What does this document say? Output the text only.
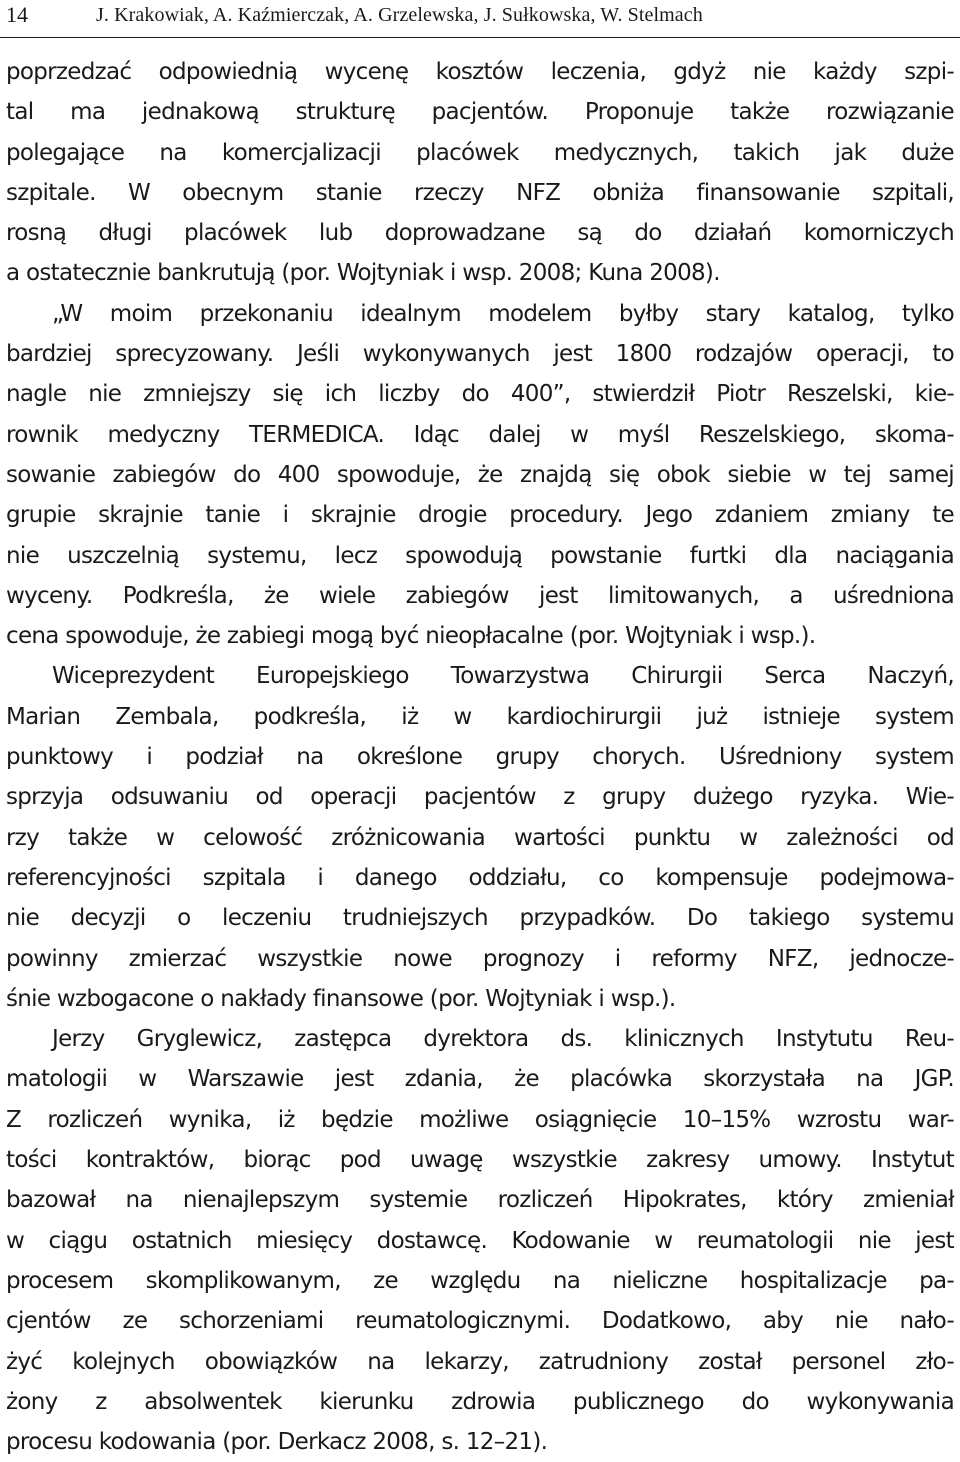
14	J. Krakowiak, A. Kaźmierczak, A. Grzelewska, J. Sułkowska, W. Stelmach
poprzedzać odpowiednią wycenę kosztów leczenia, gdyż nie każdy szpi-
tal ma jednakową strukturę pacjentów. Proponuje także rozwiązanie
polegające na komercjalizacji placówek medycznych, takich jak duże
szpitale. W obecnym stanie rzeczy NFZ obniża finansowanie szpitali,
rosną długi placówek lub doprowadzane są do działań komorniczych
a ostatecznie bankrutują (por. Wojtyniak i wsp. 2008; Kuna 2008).
„W moim przekonaniu idealnym modelem byłby stary katalog, tylko
bardziej sprecyzowany. Jeśli wykonywanych jest 1800 rodzajów operacji, to
nagle nie zmniejszy się ich liczby do 400”, stwierdził Piotr Reszelski, kie-
rownik medyczny TERMEDICA. Idąc dalej w myśl Reszelskiego, skoma-
sowanie zabiegów do 400 spowoduje, że znajdą się obok siebie w tej samej
grupie skrajnie tanie i skrajnie drogie procedury. Jego zdaniem zmiany te
nie uszczelnią systemu, lecz spowodują powstanie furtki dla naciągania
wyceny. Podkreśla, że wiele zabiegów jest limitowanych, a uśredniona
cena spowoduje, że zabiegi mogą być nieopłacalne (por. Wojtyniak i wsp.).
Wiceprezydent Europejskiego Towarzystwa Chirurgii Serca Naczyń,
Marian Zembala, podkreśla, iż w kardiochirurgii już istnieje system
punktowy i podział na określone grupy chorych. Uśredniony system
sprzyja odsuwaniu od operacji pacjentów z grupy dużego ryzyka. Wie-
rzy także w celowość zróżnicowania wartości punktu w zależności od
referencyjności szpitala i danego oddziału, co kompensuje podejmowa-
nie decyzji o leczeniu trudniejszych przypadków. Do takiego systemu
powinny zmierzać wszystkie nowe prognozy i reformy NFZ, jednocze-
śnie wzbogacone o nakłady finansowe (por. Wojtyniak i wsp.).
Jerzy Gryglewicz, zastępca dyrektora ds. klinicznych Instytutu Reu-
matologii w Warszawie jest zdania, że placówka skorzystała na JGP.
Z rozliczeń wynika, iż będzie możliwe osiągnięcie 10–15% wzrostu war-
tości kontraktów, biorąc pod uwagę wszystkie zakresy umowy. Instytut
bazował na nienajlepszym systemie rozliczeń Hipokrates, który zmieniał
w ciągu ostatnich miesięcy dostawcę. Kodowanie w reumatologii nie jest
procesem skomplikowanym, ze względu na nieliczne hospitalizacje pa-
cjentów ze schorzeniami reumatologicznymi. Dodatkowo, aby nie nało-
żyć kolejnych obowiązków na lekarzy, zatrudniony został personel zło-
żony z absolwentek kierunku zdrowia publicznego do wykonywania
procesu kodowania (por. Derkacz 2008, s. 12–21).
